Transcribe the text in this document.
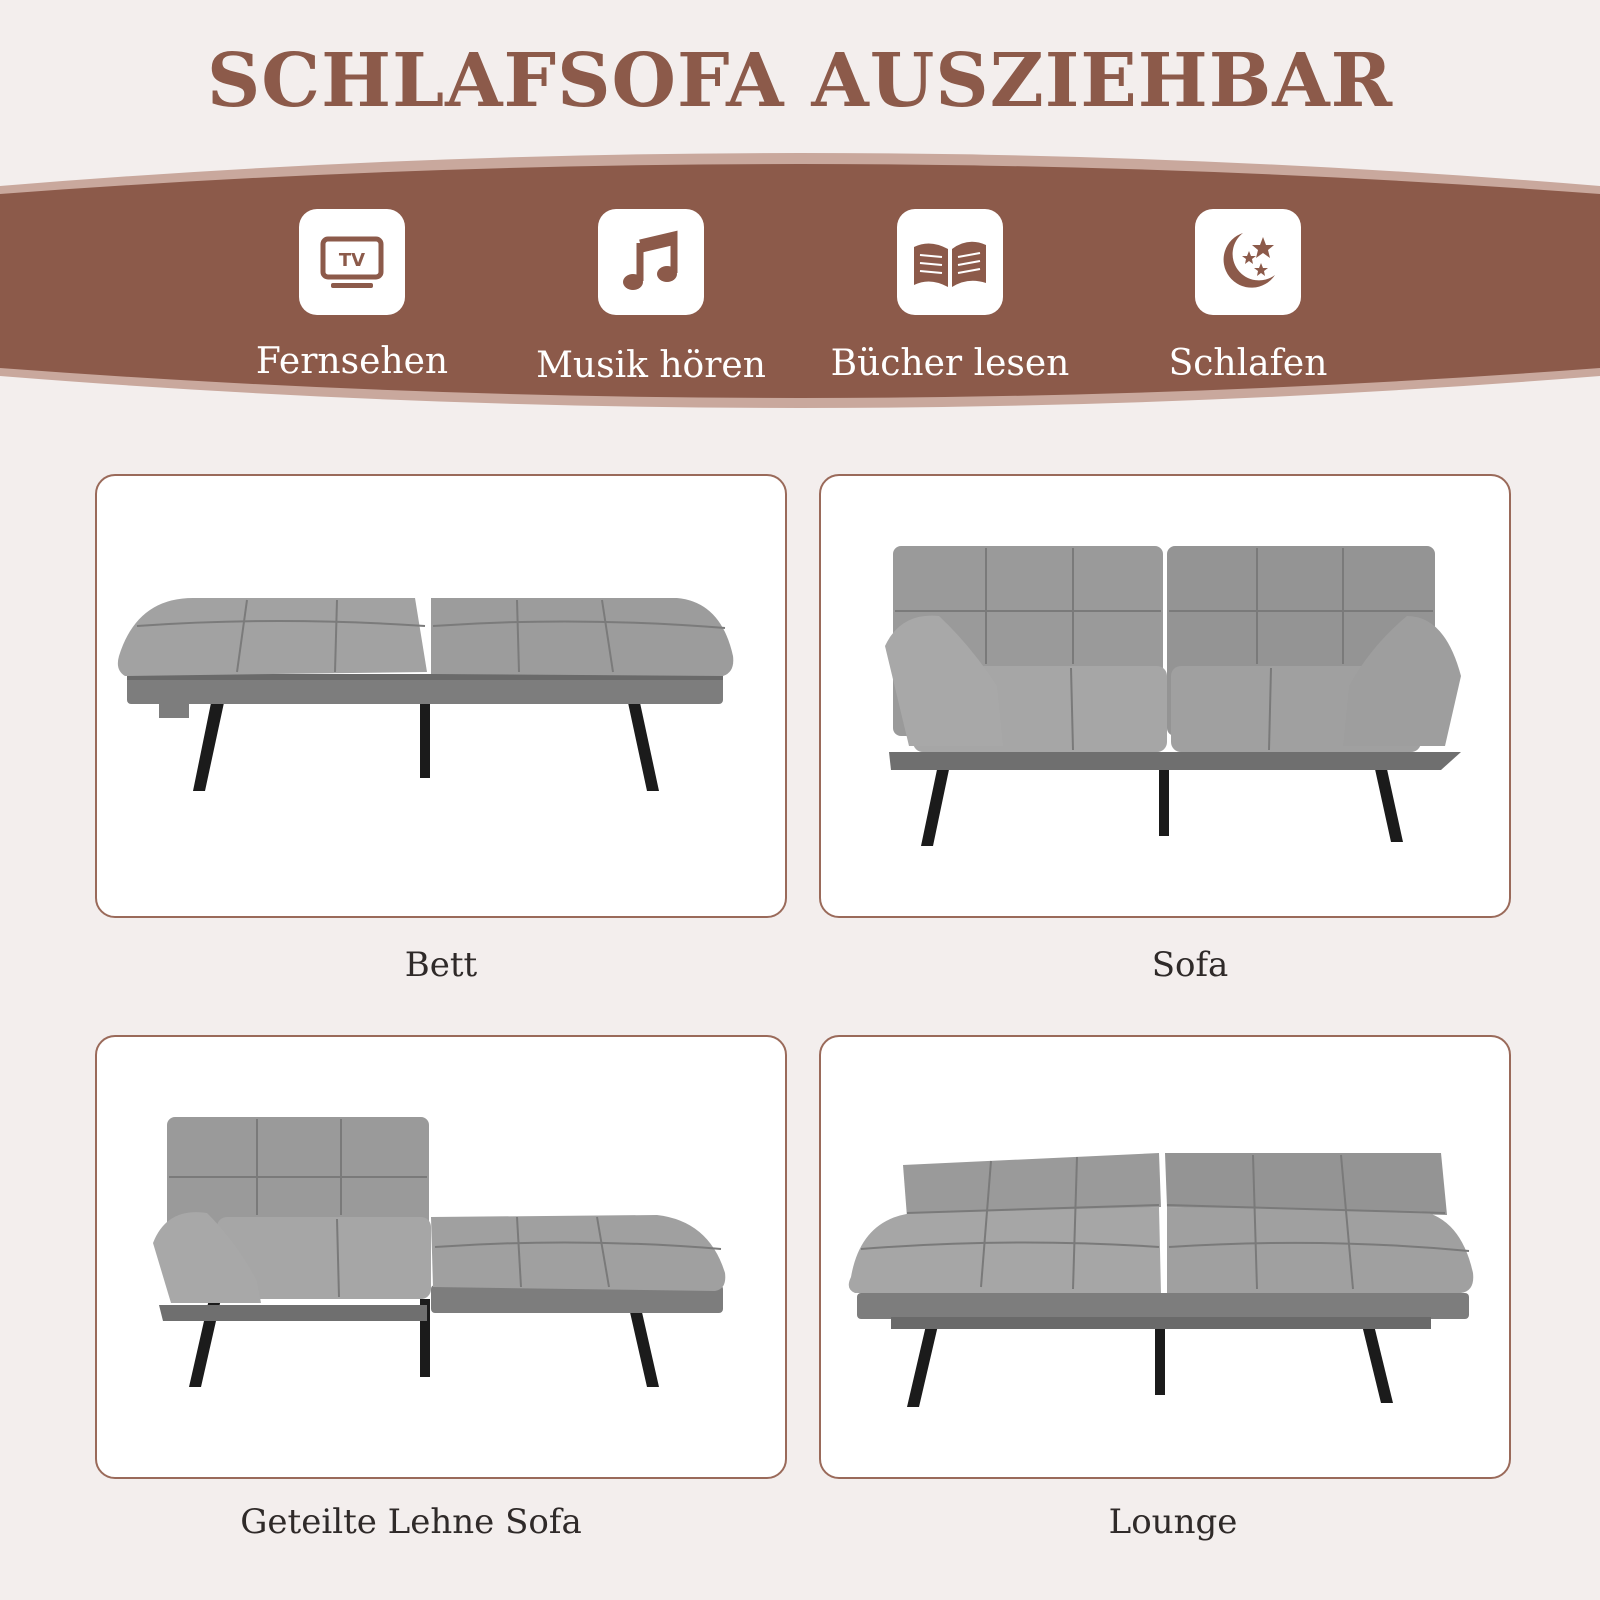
SCHLAFSOFA AUSZIEHBAR
TV
Fernsehen	Musik hören	Bücher lesen	Schlafen
Bett	Sofa
Geteilte Lehne Sofa	Lounge
